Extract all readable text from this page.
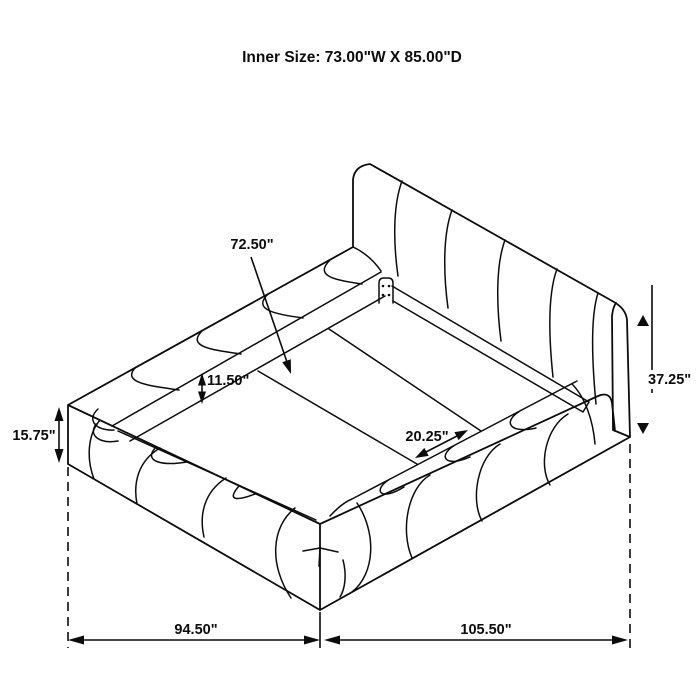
94.50"	105.50"
15.75"
11.50"
20.25"
72.50"
37.25"
Inner Size: 73.00"W X 85.00"D
